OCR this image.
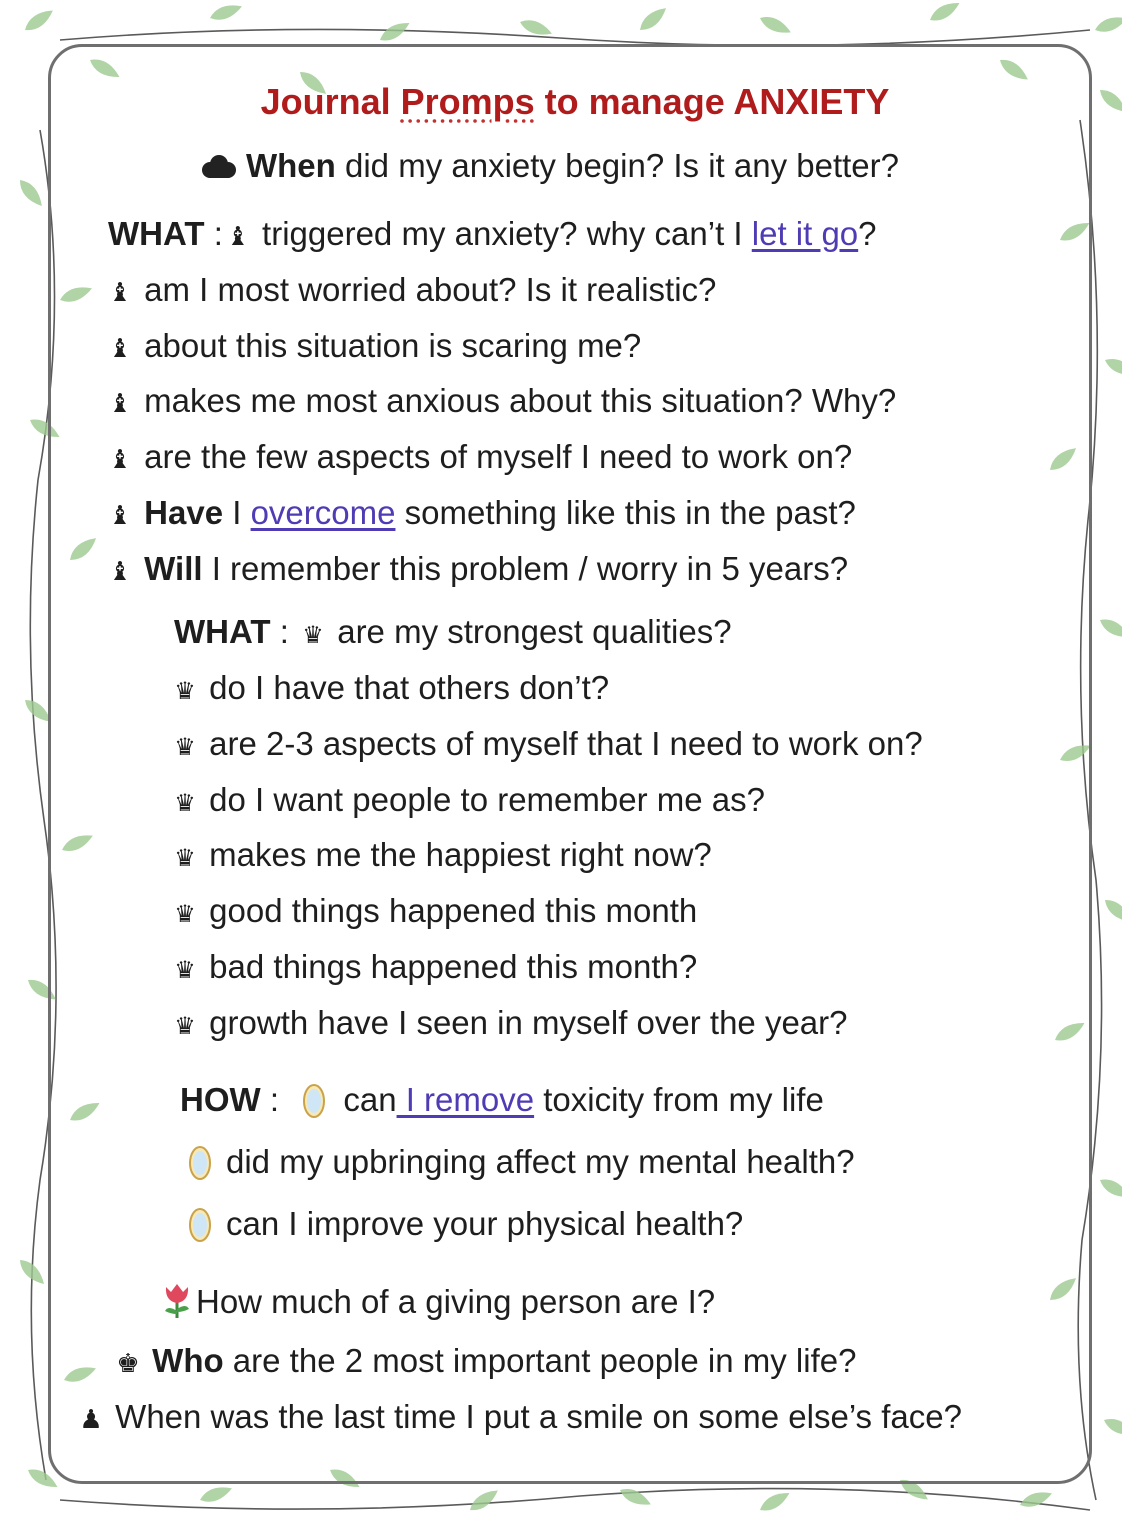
Journal Promps to manage ANXIETY
When did my anxiety begin? Is it any better?
WHAT : ♝ triggered my anxiety? why can’t I let it go?
♝ am I most worried about? Is it realistic?
♝ about this situation is scaring me?
♝ makes me most anxious about this situation? Why?
♝ are the few aspects of myself I need to work on?
♝ Have I overcome something like this in the past?
♝ Will I remember this problem / worry in 5 years?
WHAT : ♛ are my strongest qualities?
♛ do I have that others don’t?
♛ are 2-3 aspects of myself that I need to work on?
♛ do I want people to remember me as?
♛ makes me the happiest right now?
♛ good things happened this month
♛ bad things happened this month?
♛ growth have I seen in myself over the year?
HOW :  can I remove toxicity from my life
did my upbringing affect my mental health?
can I improve your physical health?
How much of a giving person are I?
♚ Who are the 2 most important people in my life?
♟ When was the last time I put a smile on some else’s face?
